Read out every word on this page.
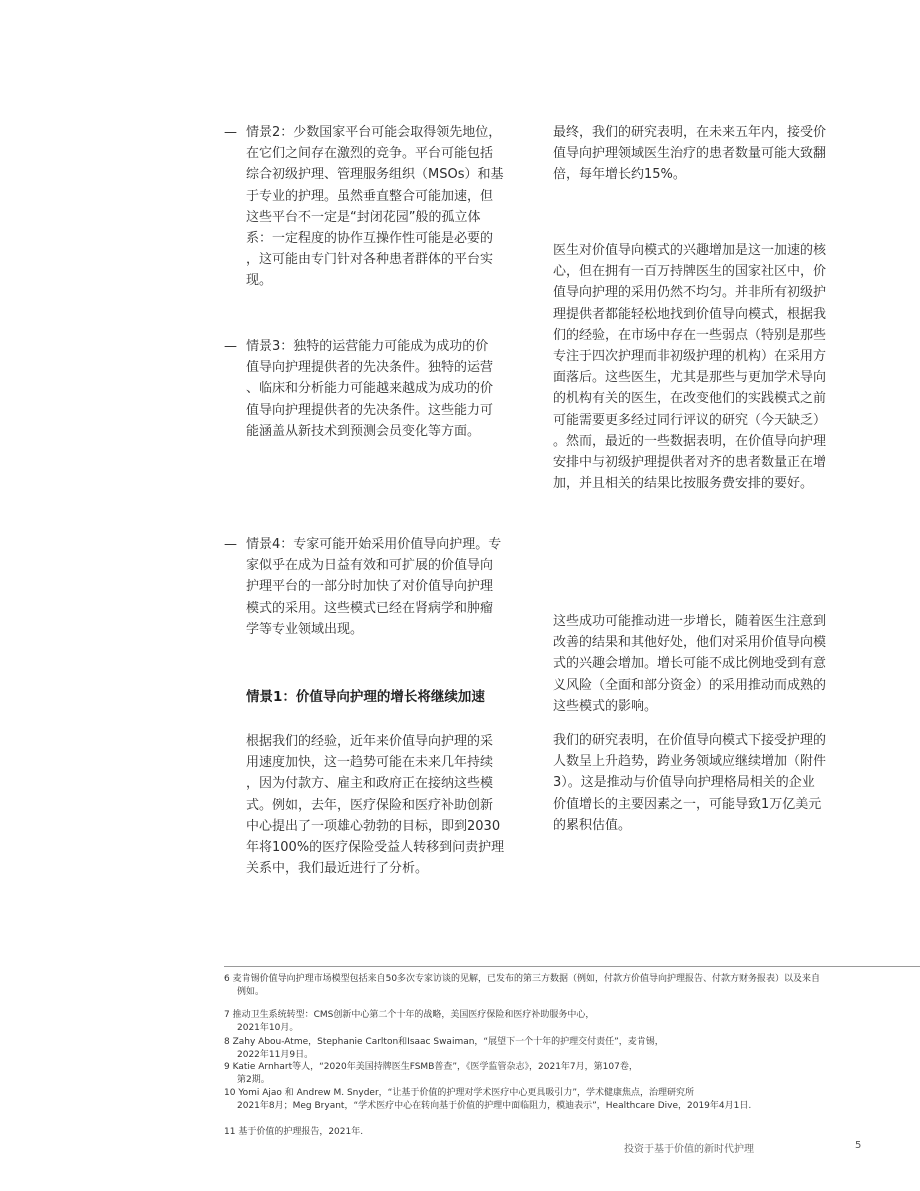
— 情景2：少数国家平台可能会取得领先地位，
在它们之间存在激烈的竞争。平台可能包括
综合初级护理、管理服务组织（MSOs）和基
于专业的护理。虽然垂直整合可能加速，但
这些平台不一定是“封闭花园”般的孤立体
系：一定程度的协作互操作性可能是必要的
，这可能由专门针对各种患者群体的平台实
现。

— 情景3：独特的运营能力可能成为成功的价
值导向护理提供者的先决条件。独特的运营
、临床和分析能力可能越来越成为成功的价
值导向护理提供者的先决条件。这些能力可
能涵盖从新技术到预测会员变化等方面。

— 情景4：专家可能开始采用价值导向护理。专
家似乎在成为日益有效和可扩展的价值导向
护理平台的一部分时加快了对价值导向护理
模式的采用。这些模式已经在肾病学和肿瘤
学等专业领域出现。

情景1：价值导向护理的增长将继续加速

根据我们的经验，近年来价值导向护理的采
用速度加快，这一趋势可能在未来几年持续
，因为付款方、雇主和政府正在接纳这些模
式。例如，去年，医疗保险和医疗补助创新
中心提出了一项雄心勃勃的目标，即到2030
年将100%的医疗保险受益人转移到问责护理
关系中，我们最近进行了分析。

最终，我们的研究表明，在未来五年内，接受价
值导向护理领域医生治疗的患者数量可能大致翻
倍，每年增长约15%。

医生对价值导向模式的兴趣增加是这一加速的核
心，但在拥有一百万持牌医生的国家社区中，价
值导向护理的采用仍然不均匀。并非所有初级护
理提供者都能轻松地找到价值导向模式，根据我
们的经验，在市场中存在一些弱点（特别是那些
专注于四次护理而非初级护理的机构）在采用方
面落后。这些医生，尤其是那些与更加学术导向
的机构有关的医生，在改变他们的实践模式之前
可能需要更多经过同行评议的研究（今天缺乏）
。然而，最近的一些数据表明，在价值导向护理
安排中与初级护理提供者对齐的患者数量正在增
加，并且相关的结果比按服务费安排的要好。

这些成功可能推动进一步增长，随着医生注意到
改善的结果和其他好处，他们对采用价值导向模
式的兴趣会增加。增长可能不成比例地受到有意
义风险（全面和部分资金）的采用推动而成熟的
这些模式的影响。

我们的研究表明，在价值导向模式下接受护理的
人数呈上升趋势，跨业务领域应继续增加（附件
3）。这是推动与价值导向护理格局相关的企业
价值增长的主要因素之一，可能导致1万亿美元
的累积估值。

6 麦肯锡价值导向护理市场模型包括来自50多次专家访谈的见解，已发布的第三方数据（例如，付款方价值导向护理报告、付款方财务报表）以及来自
例如。
7 推动卫生系统转型：CMS创新中心第二个十年的战略，美国医疗保险和医疗补助服务中心，
2021年10月。
8 Zahy Abou-Atme，Stephanie Carlton和Isaac Swaiman，“展望下一个十年的护理交付责任”，麦肯锡，
2022年11月9日。
9 Katie Arnhart等人，“2020年美国持牌医生FSMB普查”，《医学监管杂志》，2021年7月，第107卷，
第2期。
10 Yomi Ajao 和 Andrew M. Snyder，“让基于价值的护理对学术医疗中心更具吸引力”，学术健康焦点，治理研究所
2021年8月；Meg Bryant，“学术医疗中心在转向基于价值的护理中面临阻力，模迪表示”，Healthcare Dive，2019年4月1日.
11 基于价值的护理报告，2021年.
投资于基于价值的新时代护理	5
